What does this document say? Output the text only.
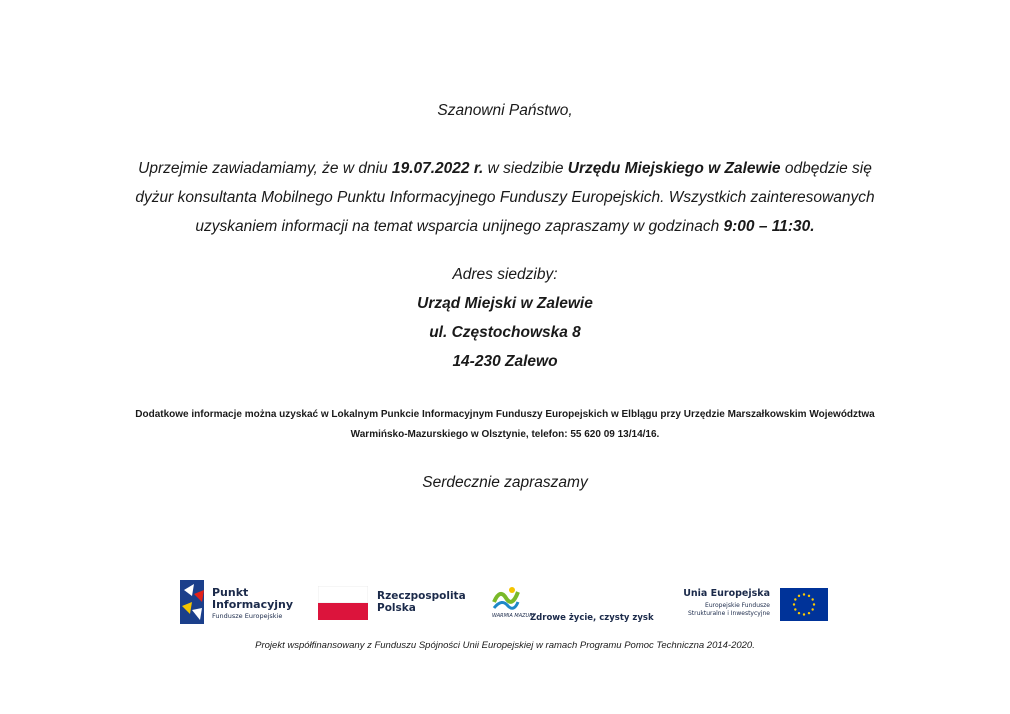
Szanowni Państwo,
Uprzejmie zawiadamiamy, że w dniu 19.07.2022 r. w siedzibie Urzędu Miejskiego w Zalewie odbędzie się
dyżur konsultanta Mobilnego Punktu Informacyjnego Funduszy Europejskich. Wszystkich zainteresowanych
uzyskaniem informacji na temat wsparcia unijnego zapraszamy w godzinach 9:00 – 11:30.
Adres siedziby:
Urząd Miejski w Zalewie
ul. Częstochowska 8
14-230 Zalewo
Dodatkowe informacje można uzyskać w Lokalnym Punkcie Informacyjnym Funduszy Europejskich w Elblągu przy Urzędzie Marszałkowskim Województwa
Warmińsko-Mazurskiego w Olsztynie, telefon: 55 620 09 13/14/16.
Serdecznie zapraszamy
Punkt
Informacyjny
Fundusze Europejskie
Rzeczpospolita
Polska
WARMIA MAZURY
Zdrowe życie, czysty zysk
Unia Europejska
Europejskie Fundusze
Strukturalne i Inwestycyjne
Projekt współfinansowany z Funduszu Spójności Unii Europejskiej w ramach Programu Pomoc Techniczna 2014-2020.
